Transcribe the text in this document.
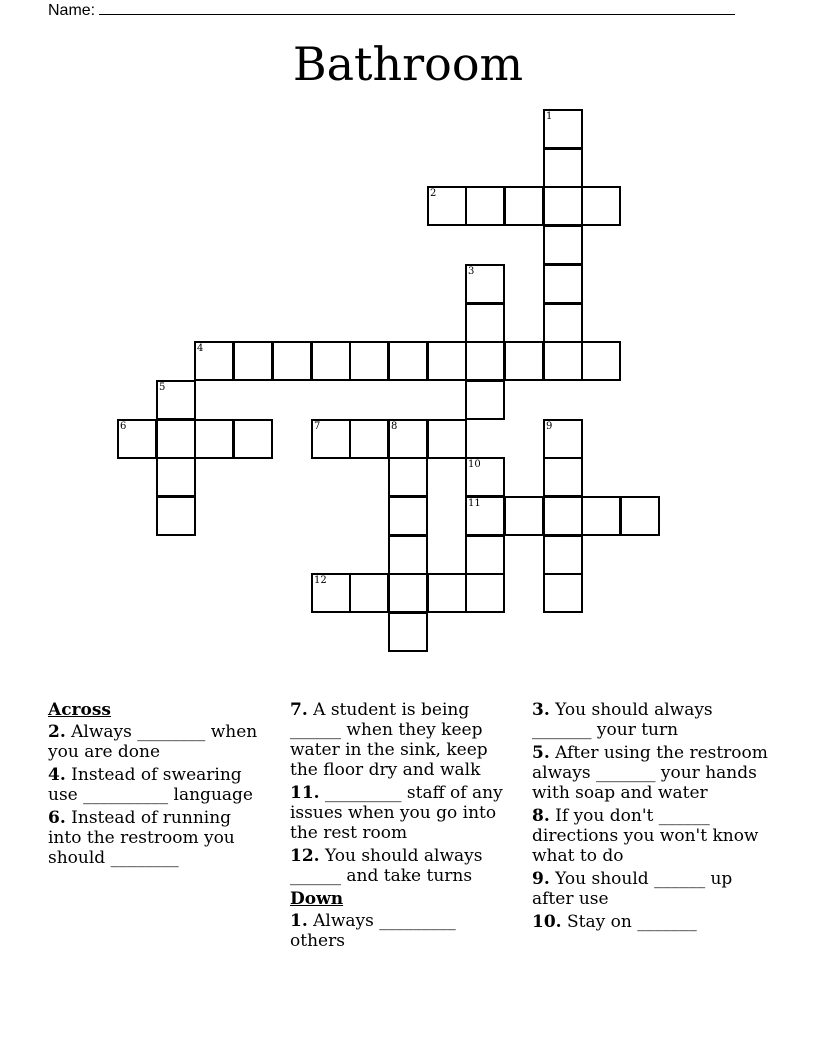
Name:
Bathroom
1
2
3
4
5
6	7	8	9
10
11
12
Across
2. Always ________ when you are done
4. Instead of swearing use __________ language
6. Instead of running into the restroom you should ________
7. A student is being ______ when they keep water in the sink, keep the floor dry and walk
11. _________ staff of any issues when you go into the rest room
12. You should always ______ and take turns
Down
1. Always _________ others
3. You should always _______ your turn
5. After using the restroom always _______ your hands with soap and water
8. If you don't ______ directions you won't know what to do
9. You should ______ up after use
10. Stay on _______
